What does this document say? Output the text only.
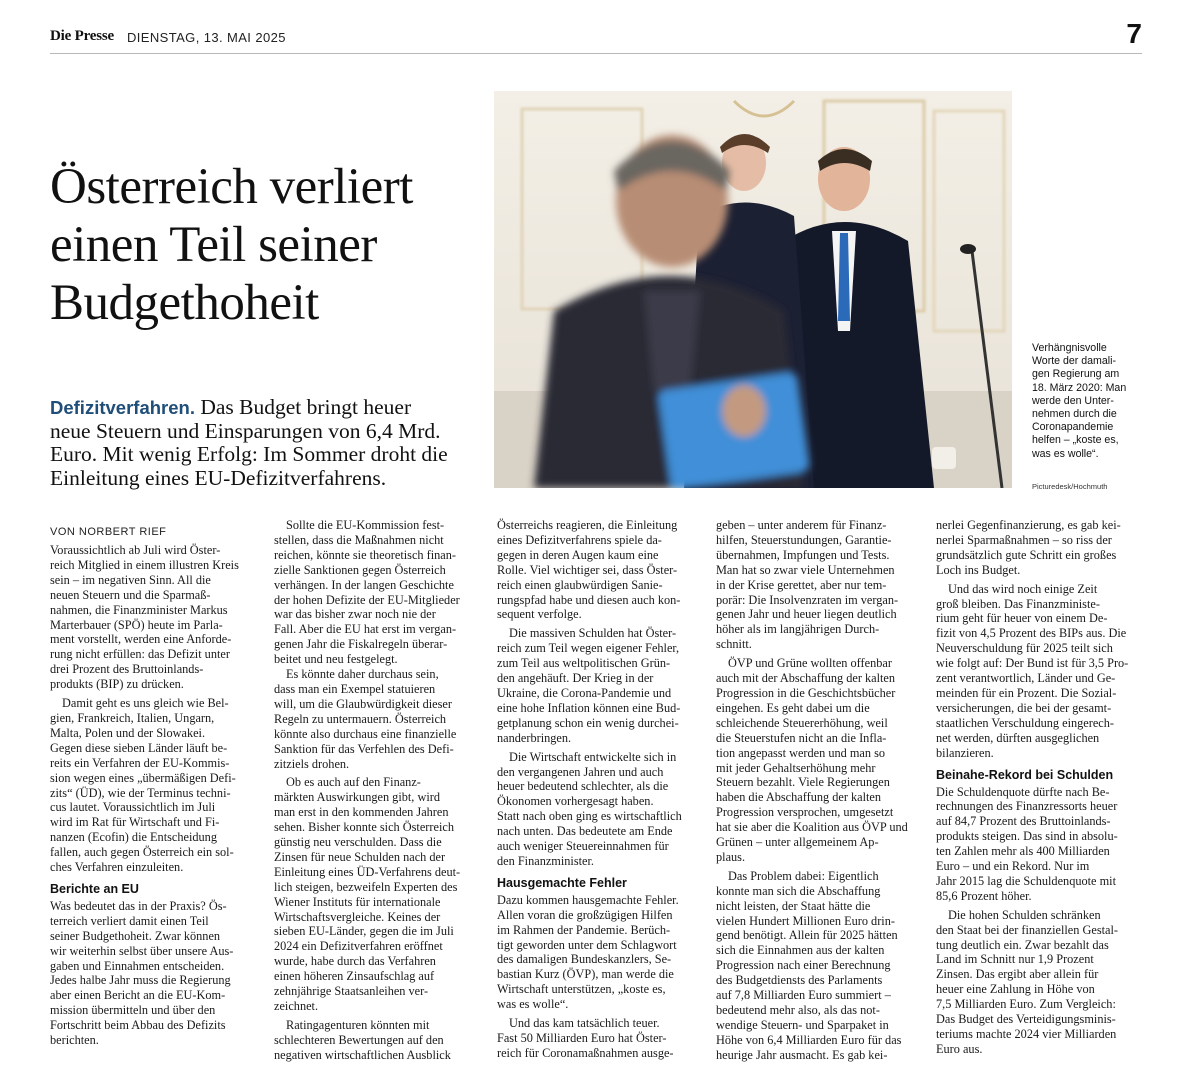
Die Presse DIENSTAG, 13. MAI 2025	7
Österreich verliert
einen Teil seiner
Budgethoheit
Defizitverfahren. Das Budget bringt heuer
neue Steuern und Einsparungen von 6,4 Mrd.
Euro. Mit wenig Erfolg: Im Sommer droht die
Einleitung eines EU-Defizitverfahrens.
Verhängnisvolle
Worte der damali-
gen Regierung am
18. März 2020: Man
werde den Unter-
nehmen durch die
Coronapandemie
helfen – „koste es,
was es wolle“.
Picturedesk/Hochmuth
VON NORBERT RIEF
Voraussichtlich ab Juli wird Öster-
reich Mitglied in einem illustren Kreis
sein – im negativen Sinn. All die
neuen Steuern und die Sparmaß-
nahmen, die Finanzminister Markus
Marterbauer (SPÖ) heute im Parla-
ment vorstellt, werden eine Anforde-
rung nicht erfüllen: das Defizit unter
drei Prozent des Bruttoinlands-
produkts (BIP) zu drücken.
Damit geht es uns gleich wie Bel-
gien, Frankreich, Italien, Ungarn,
Malta, Polen und der Slowakei.
Gegen diese sieben Länder läuft be-
reits ein Verfahren der EU-Kommis-
sion wegen eines „übermäßigen Defi-
zits“ (ÜD), wie der Terminus techni-
cus lautet. Voraussichtlich im Juli
wird im Rat für Wirtschaft und Fi-
nanzen (Ecofin) die Entscheidung
fallen, auch gegen Österreich ein sol-
ches Verfahren einzuleiten.
Berichte an EU
Was bedeutet das in der Praxis? Ös-
terreich verliert damit einen Teil
seiner Budgethoheit. Zwar können
wir weiterhin selbst über unsere Aus-
gaben und Einnahmen entscheiden.
Jedes halbe Jahr muss die Regierung
aber einen Bericht an die EU-Kom-
mission übermitteln und über den
Fortschritt beim Abbau des Defizits
berichten.
Sollte die EU-Kommission fest-
stellen, dass die Maßnahmen nicht
reichen, könnte sie theoretisch finan-
zielle Sanktionen gegen Österreich
verhängen. In der langen Geschichte
der hohen Defizite der EU-Mitglieder
war das bisher zwar noch nie der
Fall. Aber die EU hat erst im vergan-
genen Jahr die Fiskalregeln überar-
beitet und neu festgelegt.
Es könnte daher durchaus sein,
dass man ein Exempel statuieren
will, um die Glaubwürdigkeit dieser
Regeln zu untermauern. Österreich
könnte also durchaus eine finanzielle
Sanktion für das Verfehlen des Defi-
zitziels drohen.
Ob es auch auf den Finanz-
märkten Auswirkungen gibt, wird
man erst in den kommenden Jahren
sehen. Bisher konnte sich Österreich
günstig neu verschulden. Dass die
Zinsen für neue Schulden nach der
Einleitung eines ÜD-Verfahrens deut-
lich steigen, bezweifeln Experten des
Wiener Instituts für internationale
Wirtschaftsvergleiche. Keines der
sieben EU-Länder, gegen die im Juli
2024 ein Defizitverfahren eröffnet
wurde, habe durch das Verfahren
einen höheren Zinsaufschlag auf
zehnjährige Staatsanleihen ver-
zeichnet.
Ratingagenturen könnten mit
schlechteren Bewertungen auf den
negativen wirtschaftlichen Ausblick
Österreichs reagieren, die Einleitung
eines Defizitverfahrens spiele da-
gegen in deren Augen kaum eine
Rolle. Viel wichtiger sei, dass Öster-
reich einen glaubwürdigen Sanie-
rungspfad habe und diesen auch kon-
sequent verfolge.
Die massiven Schulden hat Öster-
reich zum Teil wegen eigener Fehler,
zum Teil aus weltpolitischen Grün-
den angehäuft. Der Krieg in der
Ukraine, die Corona-Pandemie und
eine hohe Inflation können eine Bud-
getplanung schon ein wenig durchei-
nanderbringen.
Die Wirtschaft entwickelte sich in
den vergangenen Jahren und auch
heuer bedeutend schlechter, als die
Ökonomen vorhergesagt haben.
Statt nach oben ging es wirtschaftlich
nach unten. Das bedeutete am Ende
auch weniger Steuereinnahmen für
den Finanzminister.
Hausgemachte Fehler
Dazu kommen hausgemachte Fehler.
Allen voran die großzügigen Hilfen
im Rahmen der Pandemie. Berüch-
tigt geworden unter dem Schlagwort
des damaligen Bundeskanzlers, Se-
bastian Kurz (ÖVP), man werde die
Wirtschaft unterstützen, „koste es,
was es wolle“.
Und das kam tatsächlich teuer.
Fast 50 Milliarden Euro hat Öster-
reich für Coronamaßnahmen ausge-
geben – unter anderem für Finanz-
hilfen, Steuerstundungen, Garantie-
übernahmen, Impfungen und Tests.
Man hat so zwar viele Unternehmen
in der Krise gerettet, aber nur tem-
porär: Die Insolvenzraten im vergan-
genen Jahr und heuer liegen deutlich
höher als im langjährigen Durch-
schnitt.
ÖVP und Grüne wollten offenbar
auch mit der Abschaffung der kalten
Progression in die Geschichtsbücher
eingehen. Es geht dabei um die
schleichende Steuererhöhung, weil
die Steuerstufen nicht an die Infla-
tion angepasst werden und man so
mit jeder Gehaltserhöhung mehr
Steuern bezahlt. Viele Regierungen
haben die Abschaffung der kalten
Progression versprochen, umgesetzt
hat sie aber die Koalition aus ÖVP und
Grünen – unter allgemeinem Ap-
plaus.
Das Problem dabei: Eigentlich
konnte man sich die Abschaffung
nicht leisten, der Staat hätte die
vielen Hundert Millionen Euro drin-
gend benötigt. Allein für 2025 hätten
sich die Einnahmen aus der kalten
Progression nach einer Berechnung
des Budgetdiensts des Parlaments
auf 7,8 Milliarden Euro summiert –
bedeutend mehr also, als das not-
wendige Steuern- und Sparpaket in
Höhe von 6,4 Milliarden Euro für das
heurige Jahr ausmacht. Es gab kei-
nerlei Gegenfinanzierung, es gab kei-
nerlei Sparmaßnahmen – so riss der
grundsätzlich gute Schritt ein großes
Loch ins Budget.
Und das wird noch einige Zeit
groß bleiben. Das Finanzministe-
rium geht für heuer von einem De-
fizit von 4,5 Prozent des BIPs aus. Die
Neuverschuldung für 2025 teilt sich
wie folgt auf: Der Bund ist für 3,5 Pro-
zent verantwortlich, Länder und Ge-
meinden für ein Prozent. Die Sozial-
versicherungen, die bei der gesamt-
staatlichen Verschuldung eingerech-
net werden, dürften ausgeglichen
bilanzieren.
Beinahe-Rekord bei Schulden
Die Schuldenquote dürfte nach Be-
rechnungen des Finanzressorts heuer
auf 84,7 Prozent des Bruttoinlands-
produkts steigen. Das sind in absolu-
ten Zahlen mehr als 400 Milliarden
Euro – und ein Rekord. Nur im
Jahr 2015 lag die Schuldenquote mit
85,6 Prozent höher.
Die hohen Schulden schränken
den Staat bei der finanziellen Gestal-
tung deutlich ein. Zwar bezahlt das
Land im Schnitt nur 1,9 Prozent
Zinsen. Das ergibt aber allein für
heuer eine Zahlung in Höhe von
7,5 Milliarden Euro. Zum Vergleich:
Das Budget des Verteidigungsminis-
teriums machte 2024 vier Milliarden
Euro aus.
